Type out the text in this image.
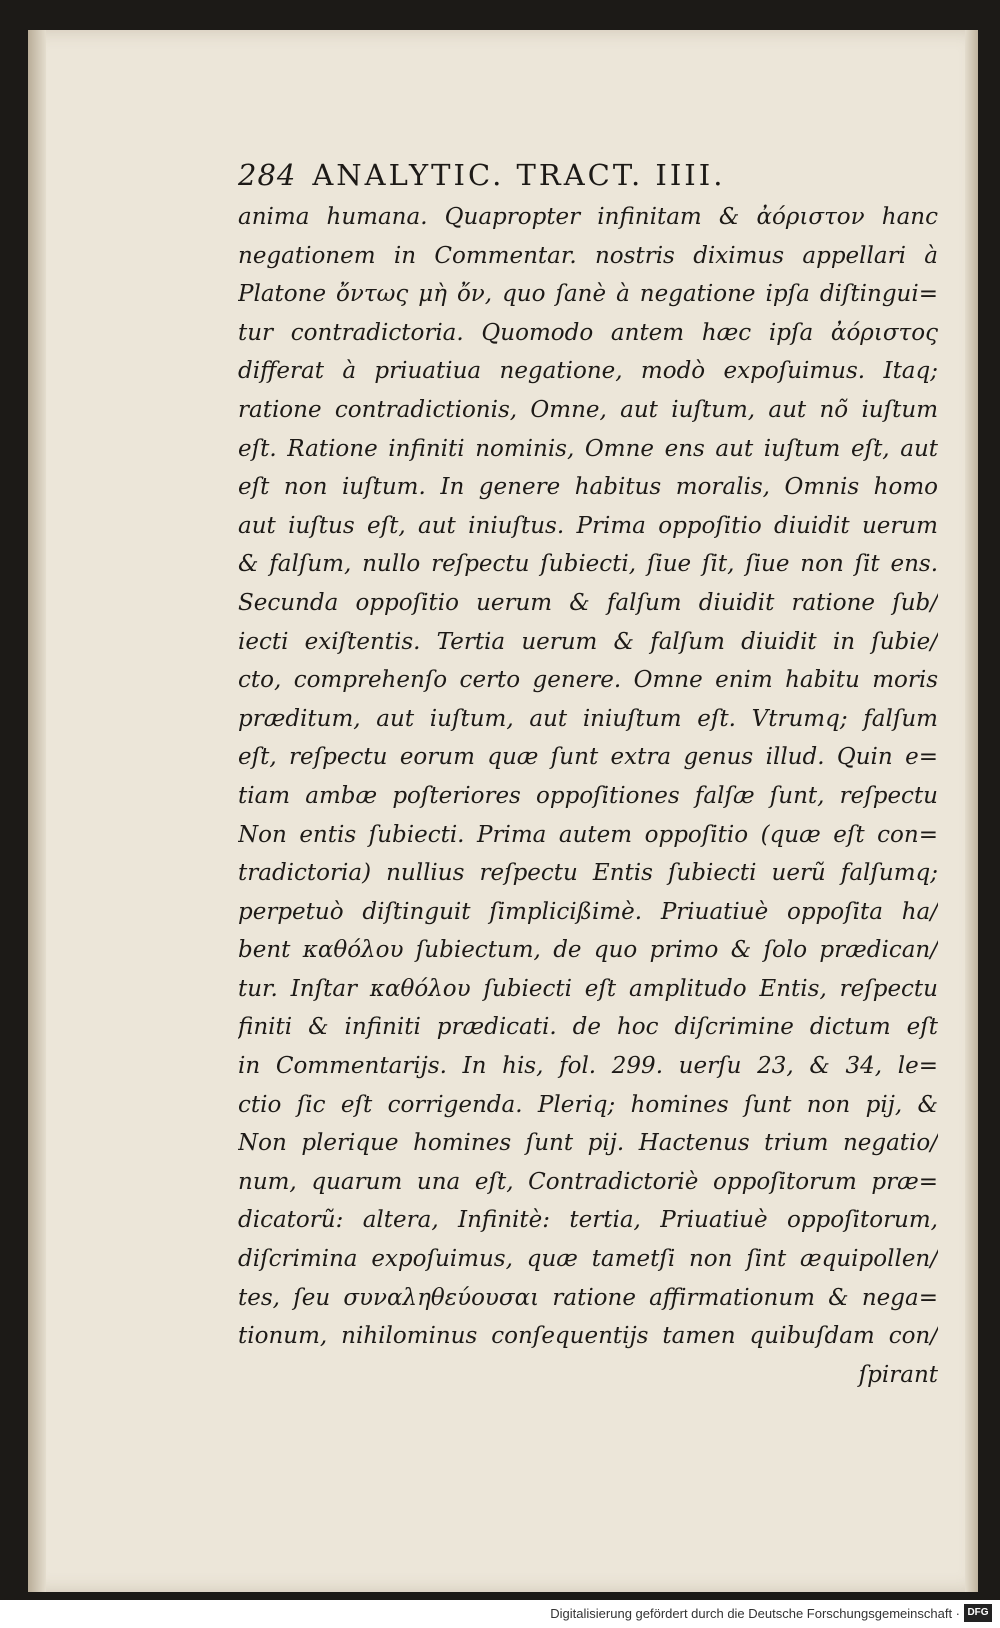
284 ANALYTIC. TRACT. IIII.
anima humana. Quapropter infinitam & ἀόριστον hanc
negationem in Commentar. nostris diximus appellari à
Platone ὄντως μὴ ὄν, quo ſanè à negatione ipſa diſtingui=
tur contradictoria. Quomodo antem hæc ipſa ἀόριστος
differat à priuatiua negatione, modò expoſuimus. Itaq;
ratione contradictionis, Omne, aut iuſtum, aut nõ iuſtum
eſt. Ratione infiniti nominis, Omne ens aut iuſtum eſt, aut
eſt non iuſtum. In genere habitus moralis, Omnis homo
aut iuſtus eſt, aut iniuſtus. Prima oppoſitio diuidit uerum
& falſum, nullo reſpectu ſubiecti, ſiue ſit, ſiue non ſit ens.
Secunda oppoſitio uerum & falſum diuidit ratione ſub/
iecti exiſtentis. Tertia uerum & falſum diuidit in ſubie/
cto, comprehenſo certo genere. Omne enim habitu moris
præditum, aut iuſtum, aut iniuſtum eſt. Vtrumq; falſum
eſt, reſpectu eorum quæ ſunt extra genus illud. Quin e=
tiam ambæ poſteriores oppoſitiones falſæ ſunt, reſpectu
Non entis ſubiecti. Prima autem oppoſitio (quæ eſt con=
tradictoria) nullius reſpectu Entis ſubiecti uerũ falſumq;
perpetuò diſtinguit ſimplicißimè. Priuatiuè oppoſita ha/
bent καθόλου ſubiectum, de quo primo & ſolo prædican/
tur. Inſtar καθόλου ſubiecti eſt amplitudo Entis, reſpectu
finiti & infiniti prædicati. de hoc diſcrimine dictum eſt
in Commentarijs. In his, fol. 299. uerſu 23, & 34, le=
ctio ſic eſt corrigenda. Pleriq; homines ſunt non pij, &
Non plerique homines ſunt pij. Hactenus trium negatio/
num, quarum una eſt, Contradictoriè oppoſitorum præ=
dicatorũ: altera, Infinitè: tertia, Priuatiuè oppoſitorum,
diſcrimina expoſuimus, quæ tametſi non ſint æquipollen/
tes, ſeu συναληθεύουσαι ratione affirmationum & nega=
tionum, nihilominus conſequentijs tamen quibuſdam con/
ſpirant
Digitalisierung gefördert durch die Deutsche Forschungsgemeinschaft · DFG
